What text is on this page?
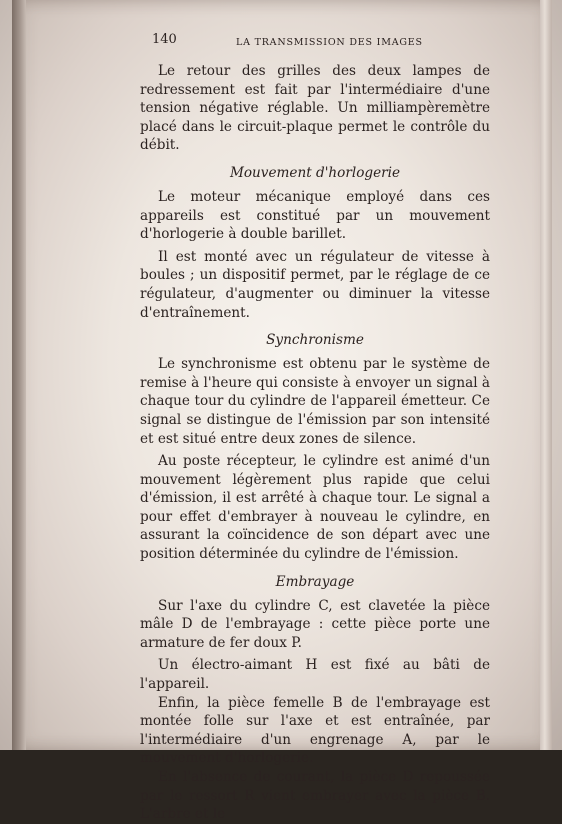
140	LA TRANSMISSION DES IMAGES

Le retour des grilles des deux lampes de redressement est fait par l'intermédiaire d'une tension négative réglable. Un milliampèremètre placé dans le circuit-plaque permet le contrôle du débit.

Mouvement d'horlogerie

Le moteur mécanique employé dans ces appareils est constitué par un mouvement d'horlogerie à double barillet.

Il est monté avec un régulateur de vitesse à boules ; un dispositif permet, par le réglage de ce régulateur, d'augmenter ou diminuer la vitesse d'entraînement.

Synchronisme

Le synchronisme est obtenu par le système de remise à l'heure qui consiste à envoyer un signal à chaque tour du cylindre de l'appareil émetteur. Ce signal se distingue de l'émission par son intensité et est situé entre deux zones de silence.

Au poste récepteur, le cylindre est animé d'un mouvement légèrement plus rapide que celui d'émission, il est arrêté à chaque tour. Le signal a pour effet d'embrayer à nouveau le cylindre, en assurant la coïncidence de son départ avec une position déterminée du cylindre de l'émission.

Embrayage

Sur l'axe du cylindre C, est clavetée la pièce mâle D de l'embrayage : cette pièce porte une armature de fer doux P.

Un électro-aimant H est fixé au bâti de l'appareil.

Enfin, la pièce femelle B de l'embrayage est montée folle sur l'axe et est entraînée, par l'intermédiaire d'un engrenage A, par le mouvement d'horlogerie.

En l'absence de courant, la pièce D repoussée par le ressort R vient embrayer avec la pièce B. L'arbre et le
